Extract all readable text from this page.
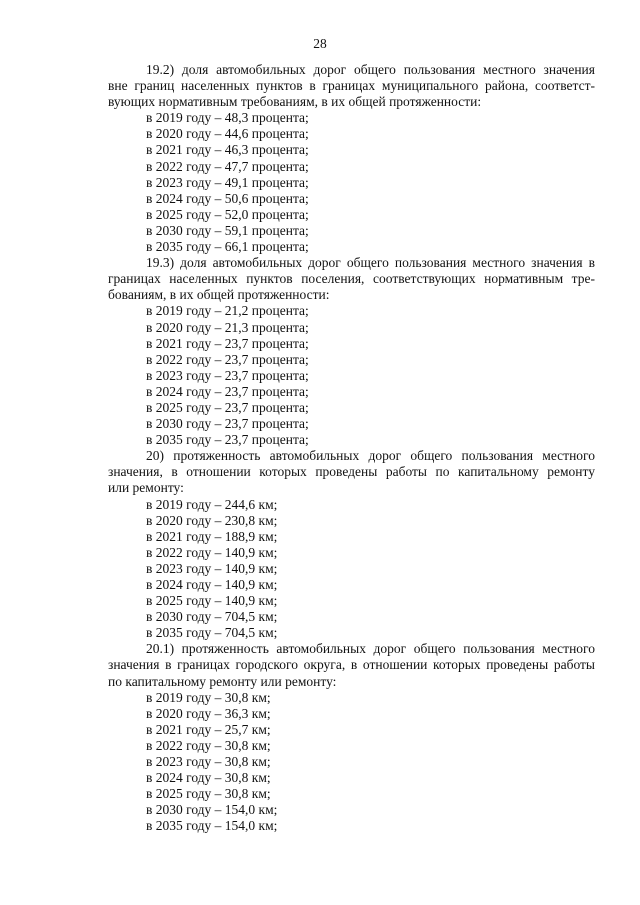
28
19.2) доля автомобильных дорог общего пользования местного значения
вне границ населенных пунктов в границах муниципального района, соответст-
вующих нормативным требованиям, в их общей протяженности:
в 2019 году – 48,3 процента;
в 2020 году – 44,6 процента;
в 2021 году – 46,3 процента;
в 2022 году – 47,7 процента;
в 2023 году – 49,1 процента;
в 2024 году – 50,6 процента;
в 2025 году – 52,0 процента;
в 2030 году – 59,1 процента;
в 2035 году – 66,1 процента;
19.3) доля автомобильных дорог общего пользования местного значения в
границах населенных пунктов поселения, соответствующих нормативным тре-
бованиям, в их общей протяженности:
в 2019 году – 21,2 процента;
в 2020 году – 21,3 процента;
в 2021 году – 23,7 процента;
в 2022 году – 23,7 процента;
в 2023 году – 23,7 процента;
в 2024 году – 23,7 процента;
в 2025 году – 23,7 процента;
в 2030 году – 23,7 процента;
в 2035 году – 23,7 процента;
20) протяженность автомобильных дорог общего пользования местного
значения, в отношении которых проведены работы по капитальному ремонту
или ремонту:
в 2019 году – 244,6 км;
в 2020 году – 230,8 км;
в 2021 году – 188,9 км;
в 2022 году – 140,9 км;
в 2023 году – 140,9 км;
в 2024 году – 140,9 км;
в 2025 году – 140,9 км;
в 2030 году – 704,5 км;
в 2035 году – 704,5 км;
20.1) протяженность автомобильных дорог общего пользования местного
значения в границах городского округа, в отношении которых проведены работы
по капитальному ремонту или ремонту:
в 2019 году – 30,8 км;
в 2020 году – 36,3 км;
в 2021 году – 25,7 км;
в 2022 году – 30,8 км;
в 2023 году – 30,8 км;
в 2024 году – 30,8 км;
в 2025 году – 30,8 км;
в 2030 году – 154,0 км;
в 2035 году – 154,0 км;
